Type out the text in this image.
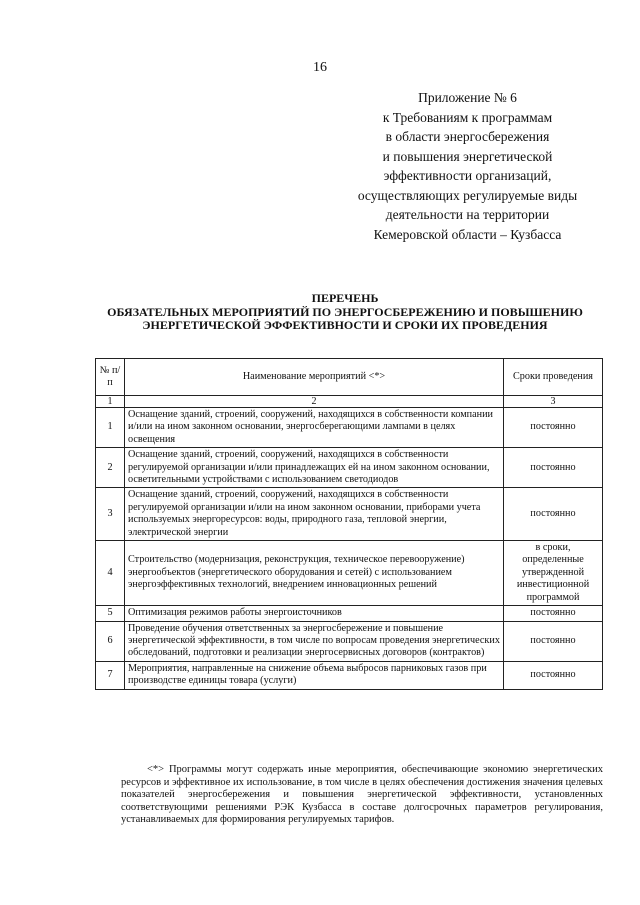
16
Приложение № 6
к Требованиям к программам
в области энергосбережения
и повышения энергетической
эффективности организаций,
осуществляющих регулируемые виды
деятельности на территории
Кемеровской области – Кузбасса
ПЕРЕЧЕНЬ
ОБЯЗАТЕЛЬНЫХ МЕРОПРИЯТИЙ ПО ЭНЕРГОСБЕРЕЖЕНИЮ И ПОВЫШЕНИЮ
ЭНЕРГЕТИЧЕСКОЙ ЭФФЕКТИВНОСТИ И СРОКИ ИХ ПРОВЕДЕНИЯ
№ п/п	Наименование мероприятий <*>	Сроки проведения
1	2	3
1	Оснащение зданий, строений, сооружений, находящихся в собственности компании и/или на ином законном основании, энергосберегающими лампами в целях освещения	постоянно
2	Оснащение зданий, строений, сооружений, находящихся в собственности регулируемой организации и/или принадлежащих ей на ином законном основании, осветительными устройствами с использованием светодиодов	постоянно
3	Оснащение зданий, строений, сооружений, находящихся в собственности регулируемой организации и/или на ином законном основании, приборами учета используемых энергоресурсов: воды, природного газа, тепловой энергии, электрической энергии	постоянно
4	Строительство (модернизация, реконструкция, техническое перевооружение) энергообъектов (энергетического оборудования и сетей) с использованием энергоэффективных технологий, внедрением инновационных решений	в сроки, определенные утвержденной инвестиционной программой
5	Оптимизация режимов работы энергоисточников	постоянно
6	Проведение обучения ответственных за энергосбережение и повышение энергетической эффективности, в том числе по вопросам проведения энергетических обследований, подготовки и реализации энергосервисных договоров (контрактов)	постоянно
7	Мероприятия, направленные на снижение объема выбросов парниковых газов при производстве единицы товара (услуги)	постоянно
<*> Программы могут содержать иные мероприятия, обеспечивающие экономию энергетических ресурсов и эффективное их использование, в том числе в целях обеспечения достижения значения целевых показателей энергосбережения и повышения энергетической эффективности, установленных соответствующими решениями РЭК Кузбасса в составе долгосрочных параметров регулирования, устанавливаемых для формирования регулируемых тарифов.
